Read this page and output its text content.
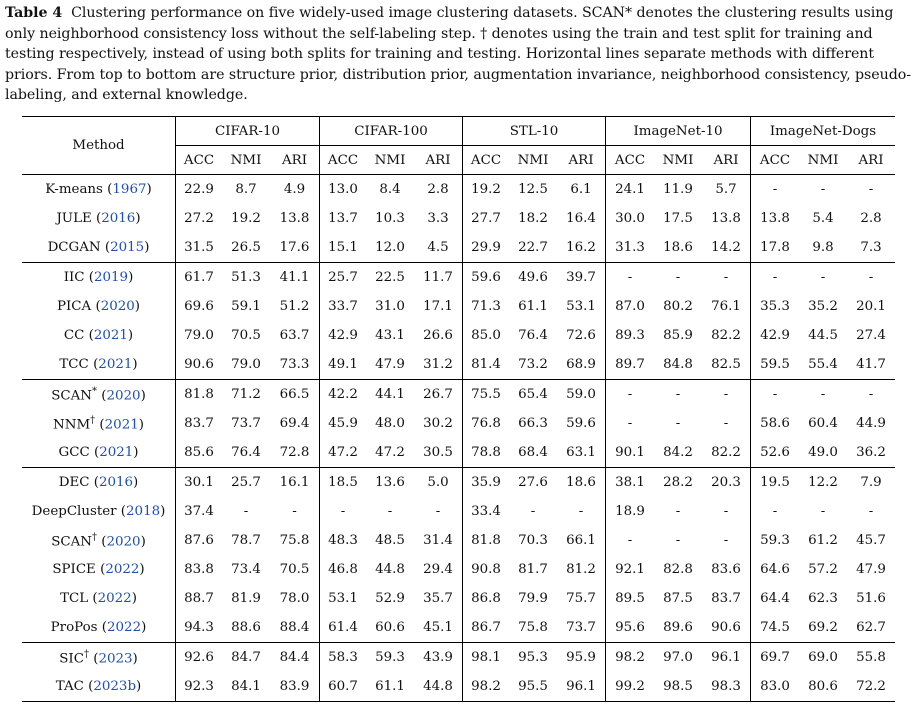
Table 4 Clustering performance on five widely-used image clustering datasets. SCAN* denotes the clustering results using only neighborhood consistency loss without the self-labeling step. † denotes using the train and test split for training and testing respectively, instead of using both splits for training and testing. Horizontal lines separate methods with different priors. From top to bottom are structure prior, distribution prior, augmentation invariance, neighborhood consistency, pseudo-labeling, and external knowledge.
Method	CIFAR-10			CIFAR-100			STL-10			ImageNet-10			ImageNet-Dogs		
	ACC	NMI	ARI	ACC	NMI	ARI	ACC	NMI	ARI	ACC	NMI	ARI	ACC	NMI	ARI
K-means (1967)	22.9	8.7	4.9	13.0	8.4	2.8	19.2	12.5	6.1	24.1	11.9	5.7	-	-	-
JULE (2016)	27.2	19.2	13.8	13.7	10.3	3.3	27.7	18.2	16.4	30.0	17.5	13.8	13.8	5.4	2.8
DCGAN (2015)	31.5	26.5	17.6	15.1	12.0	4.5	29.9	22.7	16.2	31.3	18.6	14.2	17.8	9.8	7.3
IIC (2019)	61.7	51.3	41.1	25.7	22.5	11.7	59.6	49.6	39.7	-	-	-	-	-	-
PICA (2020)	69.6	59.1	51.2	33.7	31.0	17.1	71.3	61.1	53.1	87.0	80.2	76.1	35.3	35.2	20.1
CC (2021)	79.0	70.5	63.7	42.9	43.1	26.6	85.0	76.4	72.6	89.3	85.9	82.2	42.9	44.5	27.4
TCC (2021)	90.6	79.0	73.3	49.1	47.9	31.2	81.4	73.2	68.9	89.7	84.8	82.5	59.5	55.4	41.7
SCAN* (2020)	81.8	71.2	66.5	42.2	44.1	26.7	75.5	65.4	59.0	-	-	-	-	-	-
NNM† (2021)	83.7	73.7	69.4	45.9	48.0	30.2	76.8	66.3	59.6	-	-	-	58.6	60.4	44.9
GCC (2021)	85.6	76.4	72.8	47.2	47.2	30.5	78.8	68.4	63.1	90.1	84.2	82.2	52.6	49.0	36.2
DEC (2016)	30.1	25.7	16.1	18.5	13.6	5.0	35.9	27.6	18.6	38.1	28.2	20.3	19.5	12.2	7.9
DeepCluster (2018)	37.4	-	-	-	-	-	33.4	-	-	18.9	-	-	-	-	-
SCAN† (2020)	87.6	78.7	75.8	48.3	48.5	31.4	81.8	70.3	66.1	-	-	-	59.3	61.2	45.7
SPICE (2022)	83.8	73.4	70.5	46.8	44.8	29.4	90.8	81.7	81.2	92.1	82.8	83.6	64.6	57.2	47.9
TCL (2022)	88.7	81.9	78.0	53.1	52.9	35.7	86.8	79.9	75.7	89.5	87.5	83.7	64.4	62.3	51.6
ProPos (2022)	94.3	88.6	88.4	61.4	60.6	45.1	86.7	75.8	73.7	95.6	89.6	90.6	74.5	69.2	62.7
SIC† (2023)	92.6	84.7	84.4	58.3	59.3	43.9	98.1	95.3	95.9	98.2	97.0	96.1	69.7	69.0	55.8
TAC (2023b)	92.3	84.1	83.9	60.7	61.1	44.8	98.2	95.5	96.1	99.2	98.5	98.3	83.0	80.6	72.2
